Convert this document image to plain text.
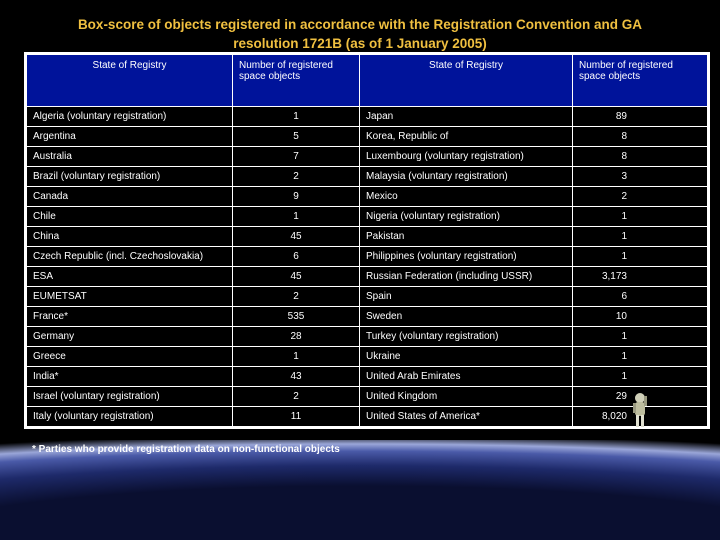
Box-score of objects registered in accordance with the Registration Convention and GA
resolution 1721B (as of 1 January 2005)
State of Registry	Number of registered space objects	State of Registry	Number of registered space objects
Algeria (voluntary registration)	1	Japan	89
Argentina	5	Korea, Republic of	8
Australia	7	Luxembourg (voluntary registration)	8
Brazil (voluntary registration)	2	Malaysia (voluntary registration)	3
Canada	9	Mexico	2
Chile	1	Nigeria (voluntary registration)	1
China	45	Pakistan	1
Czech Republic (incl. Czechoslovakia)	6	Philippines (voluntary registration)	1
ESA	45	Russian Federation (including USSR)	3,173
EUMETSAT	2	Spain	6
France*	535	Sweden	10
Germany	28	Turkey (voluntary registration)	1
Greece	1	Ukraine	1
India*	43	United Arab Emirates	1
Israel (voluntary registration)	2	United Kingdom	29
Italy (voluntary registration)	11	United States of America*	8,020
* Parties who provide registration data on non-functional objects
